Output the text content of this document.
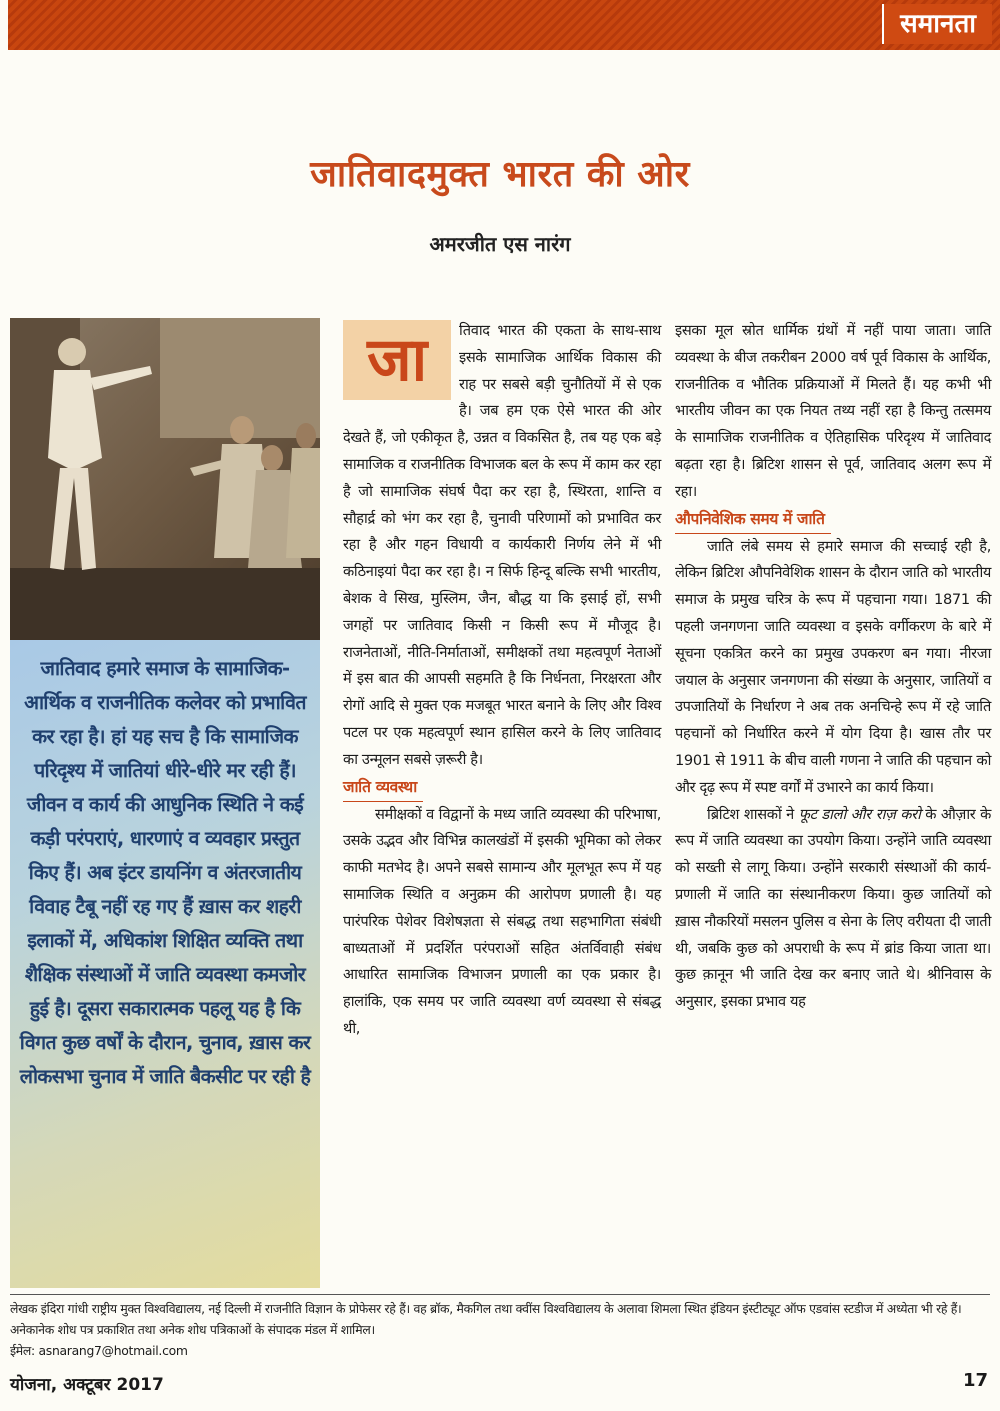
समानता
जातिवादमुक्त भारत की ओर
अमरजीत एस नारंग

जातिवाद हमारे समाज के सामाजिक- आर्थिक व राजनीतिक कलेवर को प्रभावित कर रहा है। हां यह सच है कि सामाजिक परिदृश्य में जातियां धीरे-धीरे मर रही हैं। जीवन व कार्य की आधुनिक स्थिति ने कई कड़ी परंपराएं, धारणाएं व व्यवहार प्रस्तुत किए हैं। अब इंटर डायनिंग व अंतरजातीय विवाह टैबू नहीं रह गए हैं ख़ास कर शहरी इलाकों में, अधिकांश शिक्षित व्यक्ति तथा शैक्षिक संस्थाओं में जाति व्यवस्था कमजोर हुई है। दूसरा सकारात्मक पहलू यह है कि विगत कुछ वर्षों के दौरान, चुनाव, ख़ास कर लोकसभा चुनाव में जाति बैकसीट पर रही है

जा	तिवाद भारत की एकता के साथ-साथ इसके सामाजिक आर्थिक विकास की राह पर सबसे बड़ी चुनौतियों में से एक है। जब हम एक ऐसे भारत की ओर देखते हैं, जो एकीकृत है, उन्नत व विकसित है, तब यह एक बड़े सामाजिक व राजनीतिक विभाजक बल के रूप में काम कर रहा है जो सामाजिक संघर्ष पैदा कर रहा है, स्थिरता, शान्ति व सौहार्द्र को भंग कर रहा है, चुनावी परिणामों को प्रभावित कर रहा है और गहन विधायी व कार्यकारी निर्णय लेने में भी कठिनाइयां पैदा कर रहा है। न सिर्फ हिन्दू बल्कि सभी भारतीय, बेशक वे सिख, मुस्लिम, जैन, बौद्ध या कि इसाई हों, सभी जगहों पर जातिवाद किसी न किसी रूप में मौजूद है। राजनेताओं, नीति-निर्माताओं, समीक्षकों तथा महत्वपूर्ण नेताओं में इस बात की आपसी सहमति है कि निर्धनता, निरक्षरता और रोगों आदि से मुक्त एक मजबूत भारत बनाने के लिए और विश्व पटल पर एक महत्वपूर्ण स्थान हासिल करने के लिए जातिवाद का उन्मूलन सबसे ज़रूरी है।

जाति व्यवस्था

समीक्षकों व विद्वानों के मध्य जाति व्यवस्था की परिभाषा, उसके उद्भव और विभिन्न कालखंडों में इसकी भूमिका को लेकर काफी मतभेद है। अपने सबसे सामान्य और मूलभूत रूप में यह सामाजिक स्थिति व अनुक्रम की आरोपण प्रणाली है। यह पारंपरिक पेशेवर विशेषज्ञता से संबद्ध तथा सहभागिता संबंधी बाध्यताओं में प्रदर्शित परंपराओं सहित अंतर्विवाही संबंध आधारित सामाजिक विभाजन प्रणाली का एक प्रकार है। हालांकि, एक समय पर जाति व्यवस्था वर्ण व्यवस्था से संबद्ध थी,

इसका मूल स्रोत धार्मिक ग्रंथों में नहीं पाया जाता। जाति व्यवस्था के बीज तकरीबन 2000 वर्ष पूर्व विकास के आर्थिक, राजनीतिक व भौतिक प्रक्रियाओं में मिलते हैं। यह कभी भी भारतीय जीवन का एक नियत तथ्य नहीं रहा है किन्तु तत्समय के सामाजिक राजनीतिक व ऐतिहासिक परिदृश्य में जातिवाद बढ़ता रहा है। ब्रिटिश शासन से पूर्व, जातिवाद अलग रूप में रहा।

औपनिवेशिक समय में जाति

जाति लंबे समय से हमारे समाज की सच्चाई रही है, लेकिन ब्रिटिश औपनिवेशिक शासन के दौरान जाति को भारतीय समाज के प्रमुख चरित्र के रूप में पहचाना गया। 1871 की पहली जनगणना जाति व्यवस्था व इसके वर्गीकरण के बारे में सूचना एकत्रित करने का प्रमुख उपकरण बन गया। नीरजा जयाल के अनुसार जनगणना की संख्या के अनुसार, जातियों व उपजातियों के निर्धारण ने अब तक अनचिन्हे रूप में रहे जाति पहचानों को निर्धारित करने में योग दिया है। खास तौर पर 1901 से 1911 के बीच वाली गणना ने जाति की पहचान को और दृढ़ रूप में स्पष्ट वर्गों में उभारने का कार्य किया।

ब्रिटिश शासकों ने फूट डालो और राज़ करो के औज़ार के रूप में जाति व्यवस्था का उपयोग किया। उन्होंने जाति व्यवस्था को सख्ती से लागू किया। उन्होंने सरकारी संस्थाओं की कार्य-प्रणाली में जाति का संस्थानीकरण किया। कुछ जातियों को ख़ास नौकरियों मसलन पुलिस व सेना के लिए वरीयता दी जाती थी, जबकि कुछ को अपराधी के रूप में ब्रांड किया जाता था। कुछ क़ानून भी जाति देख कर बनाए जाते थे। श्रीनिवास के अनुसार, इसका प्रभाव यह

लेखक इंदिरा गांधी राष्ट्रीय मुक्त विश्वविद्यालय, नई दिल्ली में राजनीति विज्ञान के प्रोफेसर रहे हैं। वह ब्रॉक, मैकगिल तथा क्वींस विश्वविद्यालय के अलावा शिमला स्थित इंडियन इंस्टीट्यूट ऑफ एडवांस स्टडीज में अध्येता भी रहे हैं। अनेकानेक शोध पत्र प्रकाशित तथा अनेक शोध पत्रिकाओं के संपादक मंडल में शामिल।

ईमेल: asnarang7@hotmail.com

योजना, अक्टूबर 2017	17
